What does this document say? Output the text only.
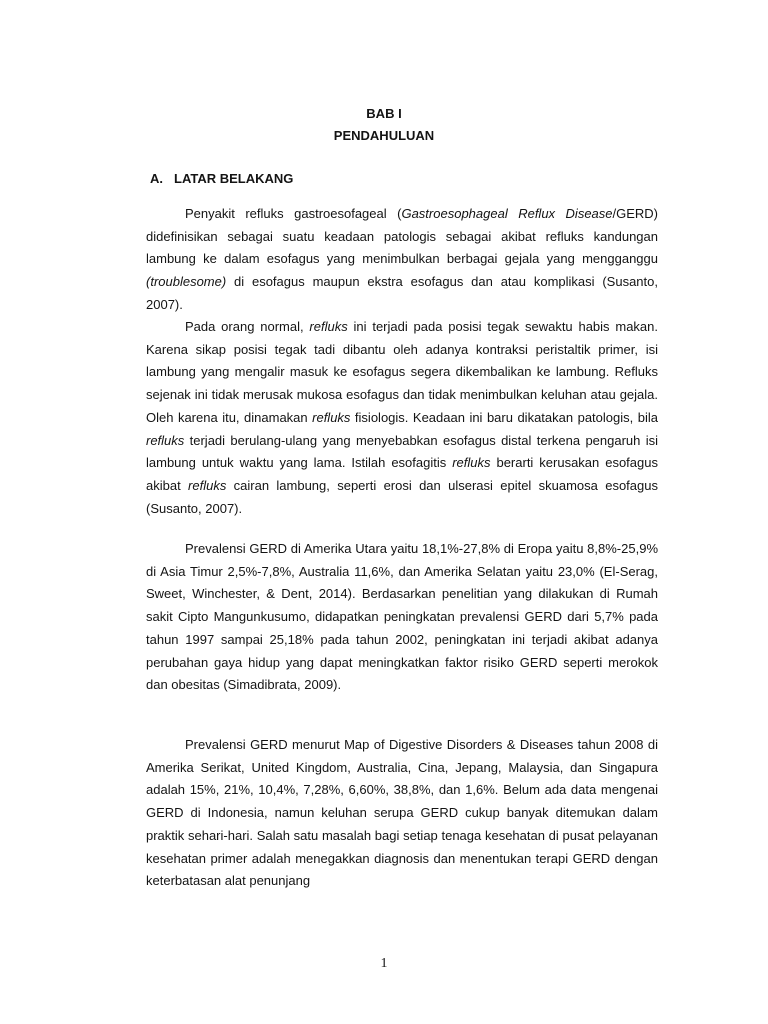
BAB I
PENDAHULUAN
A. LATAR BELAKANG

Penyakit refluks gastroesofageal (Gastroesophageal Reflux Disease/GERD) didefinisikan sebagai suatu keadaan patologis sebagai akibat refluks kandungan lambung ke dalam esofagus yang menimbulkan berbagai gejala yang mengganggu (troublesome) di esofagus maupun ekstra esofagus dan atau komplikasi (Susanto, 2007).

Pada orang normal, refluks ini terjadi pada posisi tegak sewaktu habis makan. Karena sikap posisi tegak tadi dibantu oleh adanya kontraksi peristaltik primer, isi lambung yang mengalir masuk ke esofagus segera dikembalikan ke lambung. Refluks sejenak ini tidak merusak mukosa esofagus dan tidak menimbulkan keluhan atau gejala. Oleh karena itu, dinamakan refluks fisiologis. Keadaan ini baru dikatakan patologis, bila refluks terjadi berulang-ulang yang menyebabkan esofagus distal terkena pengaruh isi lambung untuk waktu yang lama. Istilah esofagitis refluks berarti kerusakan esofagus akibat refluks cairan lambung, seperti erosi dan ulserasi epitel skuamosa esofagus (Susanto, 2007).

Prevalensi GERD di Amerika Utara yaitu 18,1%-27,8% di Eropa yaitu 8,8%-25,9% di Asia Timur 2,5%-7,8%, Australia 11,6%, dan Amerika Selatan yaitu 23,0% (El-Serag, Sweet, Winchester, & Dent, 2014). Berdasarkan penelitian yang dilakukan di Rumah sakit Cipto Mangunkusumo, didapatkan peningkatan prevalensi GERD dari 5,7% pada tahun 1997 sampai 25,18% pada tahun 2002, peningkatan ini terjadi akibat adanya perubahan gaya hidup yang dapat meningkatkan faktor risiko GERD seperti merokok dan obesitas (Simadibrata, 2009).

Prevalensi GERD menurut Map of Digestive Disorders & Diseases tahun 2008 di Amerika Serikat, United Kingdom, Australia, Cina, Jepang, Malaysia, dan Singapura adalah 15%, 21%, 10,4%, 7,28%, 6,60%, 38,8%, dan 1,6%. Belum ada data mengenai GERD di Indonesia, namun keluhan serupa GERD cukup banyak ditemukan dalam praktik sehari-hari. Salah satu masalah bagi setiap tenaga kesehatan di pusat pelayanan kesehatan primer adalah menegakkan diagnosis dan menentukan terapi GERD dengan keterbatasan alat penunjang

1
